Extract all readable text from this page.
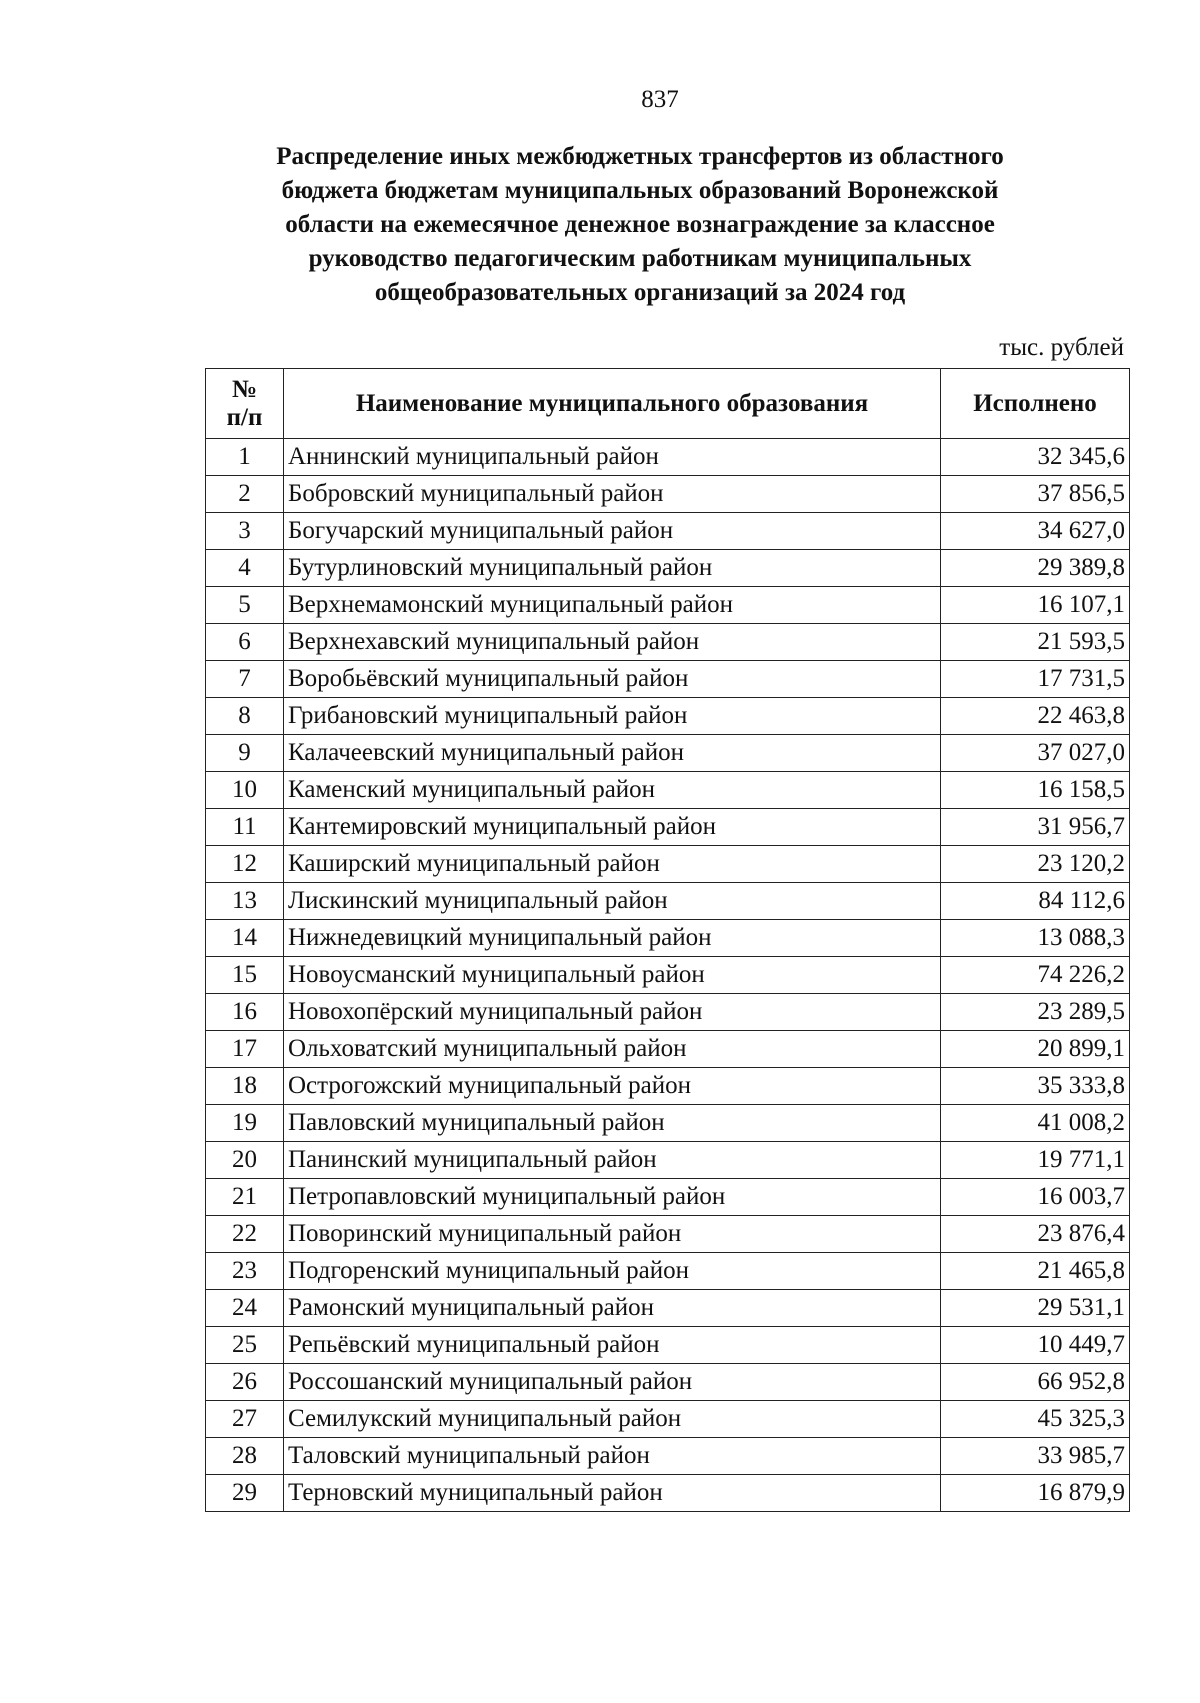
837
Распределение иных межбюджетных трансфертов из областного
бюджета бюджетам муниципальных образований Воронежской
области на ежемесячное денежное вознаграждение за классное
руководство педагогическим работникам муниципальных
общеобразовательных организаций за 2024 год
тыс. рублей
№
п/п	Наименование муниципального образования	Исполнено
1	Аннинский муниципальный район	32 345,6
2	Бобровский муниципальный район	37 856,5
3	Богучарский муниципальный район	34 627,0
4	Бутурлиновский муниципальный район	29 389,8
5	Верхнемамонский муниципальный район	16 107,1
6	Верхнехавский муниципальный район	21 593,5
7	Воробьёвский муниципальный район	17 731,5
8	Грибановский муниципальный район	22 463,8
9	Калачеевский муниципальный район	37 027,0
10	Каменский муниципальный район	16 158,5
11	Кантемировский муниципальный район	31 956,7
12	Каширский муниципальный район	23 120,2
13	Лискинский муниципальный район	84 112,6
14	Нижнедевицкий муниципальный район	13 088,3
15	Новоусманский муниципальный район	74 226,2
16	Новохопёрский муниципальный район	23 289,5
17	Ольховатский муниципальный район	20 899,1
18	Острогожский муниципальный район	35 333,8
19	Павловский муниципальный район	41 008,2
20	Панинский муниципальный район	19 771,1
21	Петропавловский муниципальный район	16 003,7
22	Поворинский муниципальный район	23 876,4
23	Подгоренский муниципальный район	21 465,8
24	Рамонский муниципальный район	29 531,1
25	Репьёвский муниципальный район	10 449,7
26	Россошанский муниципальный район	66 952,8
27	Семилукский муниципальный район	45 325,3
28	Таловский муниципальный район	33 985,7
29	Терновский муниципальный район	16 879,9
